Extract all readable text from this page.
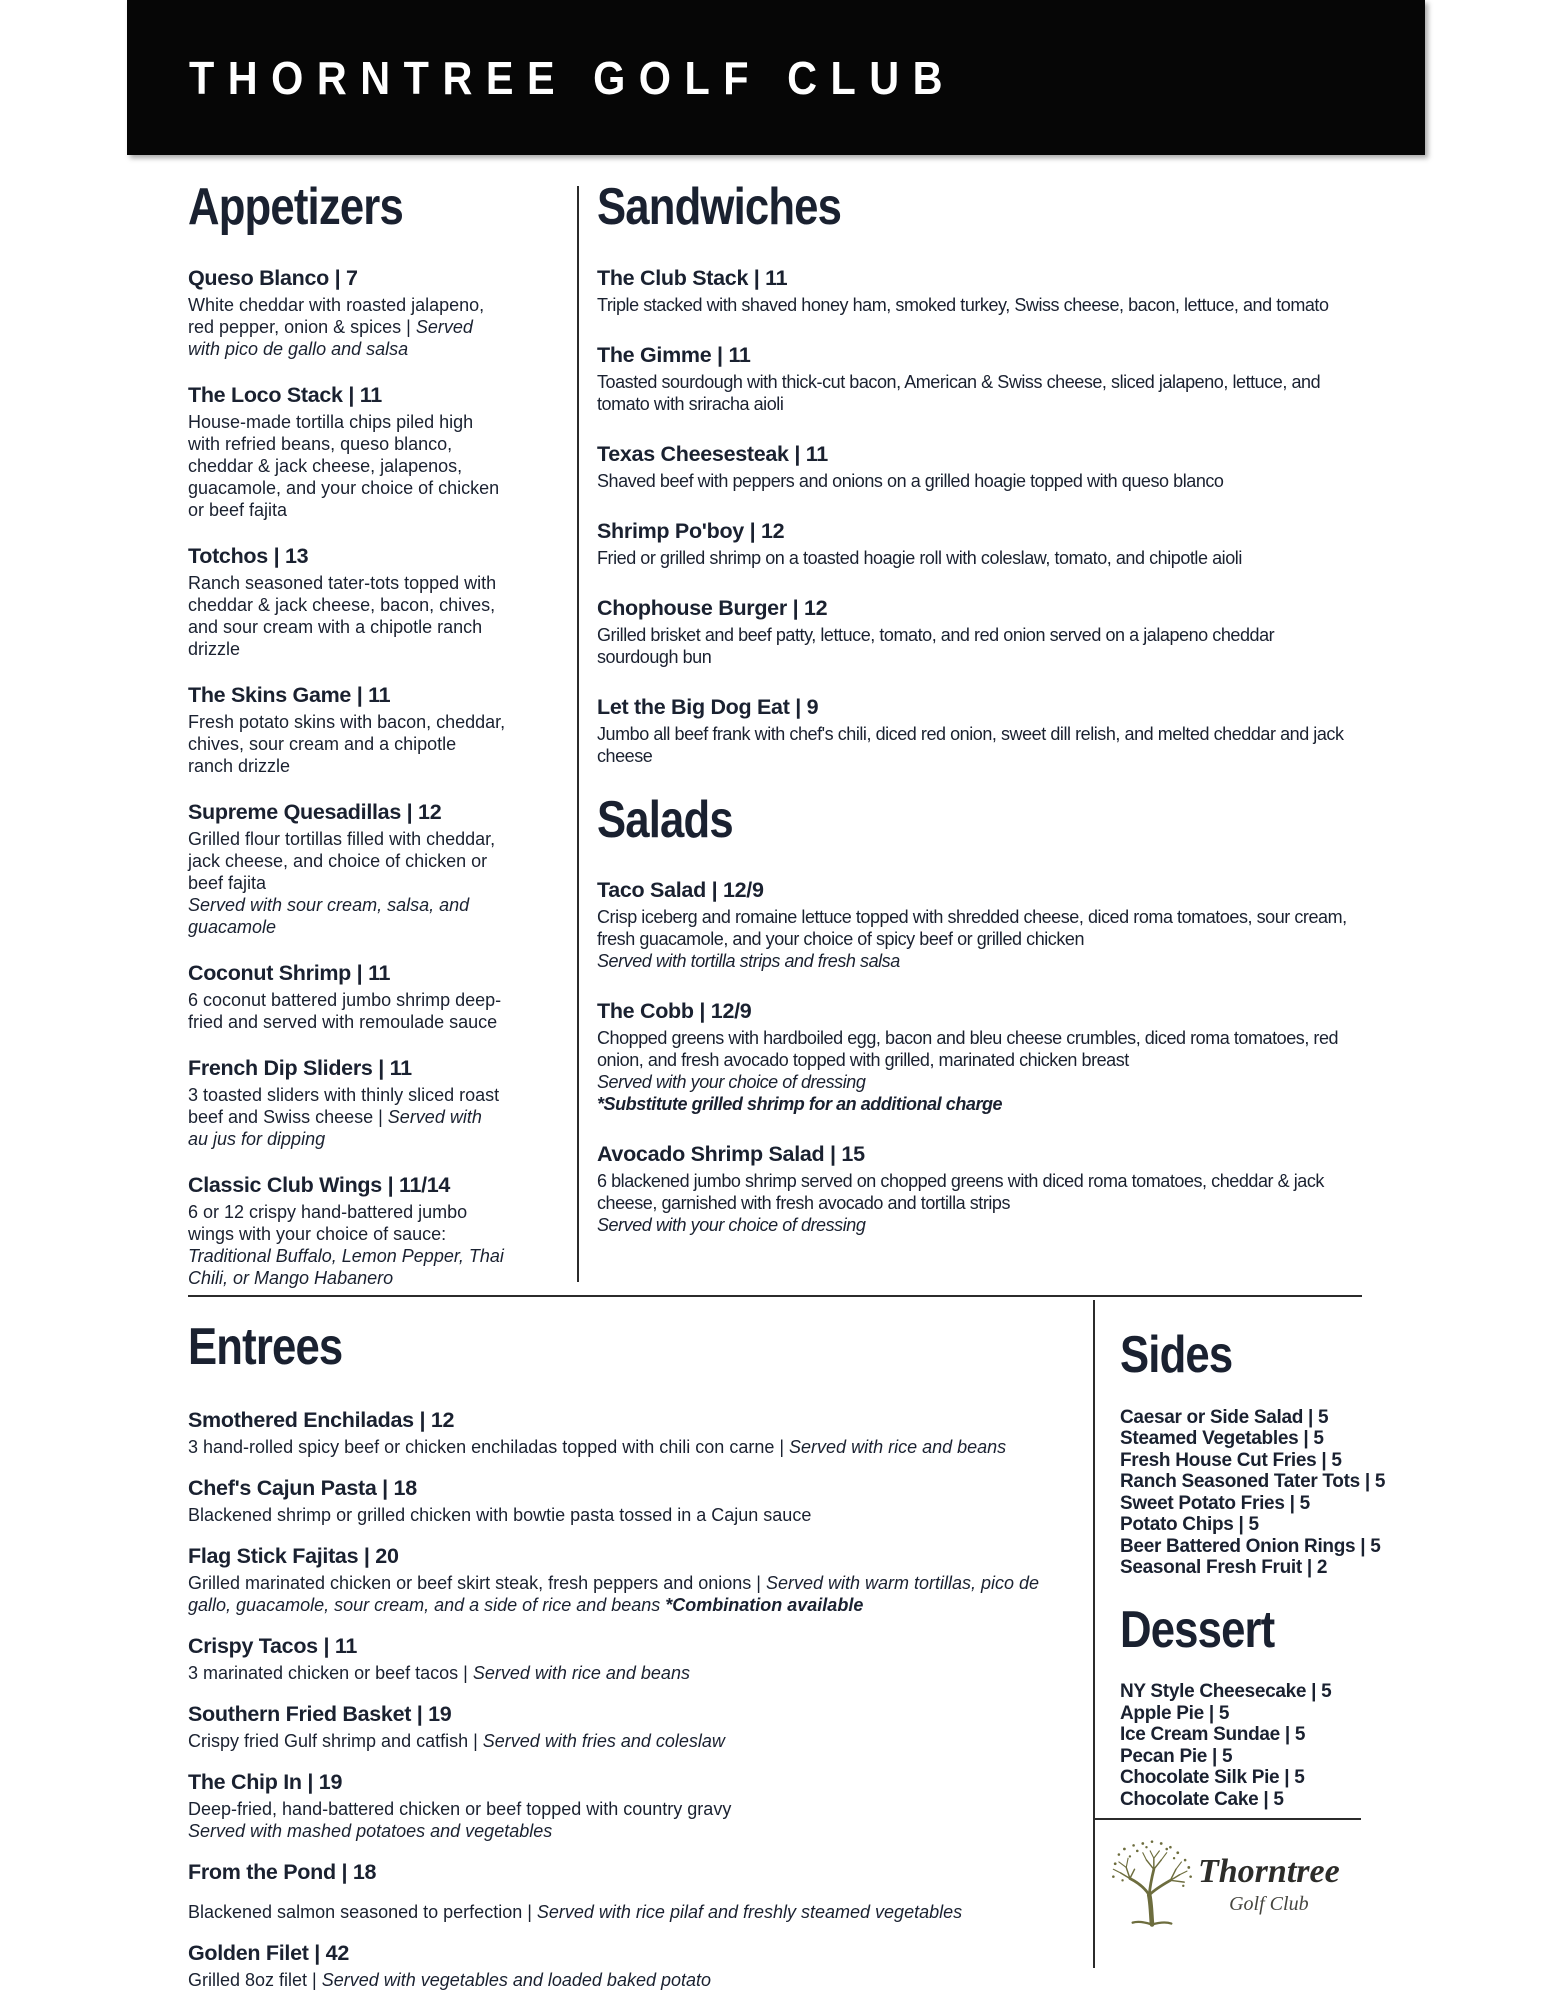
THORNTREE GOLF CLUB
Appetizers
Queso Blanco | 7
White cheddar with roasted jalapeno, red pepper, onion & spices | Served with pico de gallo and salsa
The Loco Stack | 11
House-made tortilla chips piled high with refried beans, queso blanco, cheddar & jack cheese, jalapenos, guacamole, and your choice of chicken or beef fajita
Totchos | 13
Ranch seasoned tater-tots topped with cheddar & jack cheese, bacon, chives, and sour cream with a chipotle ranch drizzle
The Skins Game | 11
Fresh potato skins with bacon, cheddar, chives, sour cream and a chipotle ranch drizzle
Supreme Quesadillas | 12
Grilled flour tortillas filled with cheddar, jack cheese, and choice of chicken or beef fajita
Served with sour cream, salsa, and guacamole
Coconut Shrimp | 11
6 coconut battered jumbo shrimp deep-fried and served with remoulade sauce
French Dip Sliders | 11
3 toasted sliders with thinly sliced roast beef and Swiss cheese | Served with au jus for dipping
Classic Club Wings | 11/14
6 or 12 crispy hand-battered jumbo wings with your choice of sauce: Traditional Buffalo, Lemon Pepper, Thai Chili, or Mango Habanero
Sandwiches
The Club Stack | 11
Triple stacked with shaved honey ham, smoked turkey, Swiss cheese, bacon, lettuce, and tomato
The Gimme | 11
Toasted sourdough with thick-cut bacon, American & Swiss cheese, sliced jalapeno, lettuce, and tomato with sriracha aioli
Texas Cheesesteak | 11
Shaved beef with peppers and onions on a grilled hoagie topped with queso blanco
Shrimp Po'boy | 12
Fried or grilled shrimp on a toasted hoagie roll with coleslaw, tomato, and chipotle aioli
Chophouse Burger | 12
Grilled brisket and beef patty, lettuce, tomato, and red onion served on a jalapeno cheddar sourdough bun
Let the Big Dog Eat | 9
Jumbo all beef frank with chef's chili, diced red onion, sweet dill relish, and melted cheddar and jack cheese
Salads
Taco Salad | 12/9
Crisp iceberg and romaine lettuce topped with shredded cheese, diced roma tomatoes, sour cream, fresh guacamole, and your choice of spicy beef or grilled chicken
Served with tortilla strips and fresh salsa
The Cobb | 12/9
Chopped greens with hardboiled egg, bacon and bleu cheese crumbles, diced roma tomatoes, red onion, and fresh avocado topped with grilled, marinated chicken breast
Served with your choice of dressing
*Substitute grilled shrimp for an additional charge
Avocado Shrimp Salad | 15
6 blackened jumbo shrimp served on chopped greens with diced roma tomatoes, cheddar & jack cheese, garnished with fresh avocado and tortilla strips
Served with your choice of dressing
Entrees
Smothered Enchiladas | 12
3 hand-rolled spicy beef or chicken enchiladas topped with chili con carne | Served with rice and beans
Chef's Cajun Pasta | 18
Blackened shrimp or grilled chicken with bowtie pasta tossed in a Cajun sauce
Flag Stick Fajitas | 20
Grilled marinated chicken or beef skirt steak, fresh peppers and onions | Served with warm tortillas, pico de gallo, guacamole, sour cream, and a side of rice and beans *Combination available
Crispy Tacos | 11
3 marinated chicken or beef tacos | Served with rice and beans
Southern Fried Basket | 19
Crispy fried Gulf shrimp and catfish | Served with fries and coleslaw
The Chip In | 19
Deep-fried, hand-battered chicken or beef topped with country gravy
Served with mashed potatoes and vegetables
From the Pond | 18
Blackened salmon seasoned to perfection | Served with rice pilaf and freshly steamed vegetables
Golden Filet | 42
Grilled 8oz filet | Served with vegetables and loaded baked potato
Sides
Caesar or Side Salad | 5
Steamed Vegetables | 5
Fresh House Cut Fries | 5
Ranch Seasoned Tater Tots | 5
Sweet Potato Fries | 5
Potato Chips | 5
Beer Battered Onion Rings | 5
Seasonal Fresh Fruit | 2
Dessert
NY Style Cheesecake | 5
Apple Pie | 5
Ice Cream Sundae | 5
Pecan Pie | 5
Chocolate Silk Pie | 5
Chocolate Cake | 5
Thorntree
Golf Club
